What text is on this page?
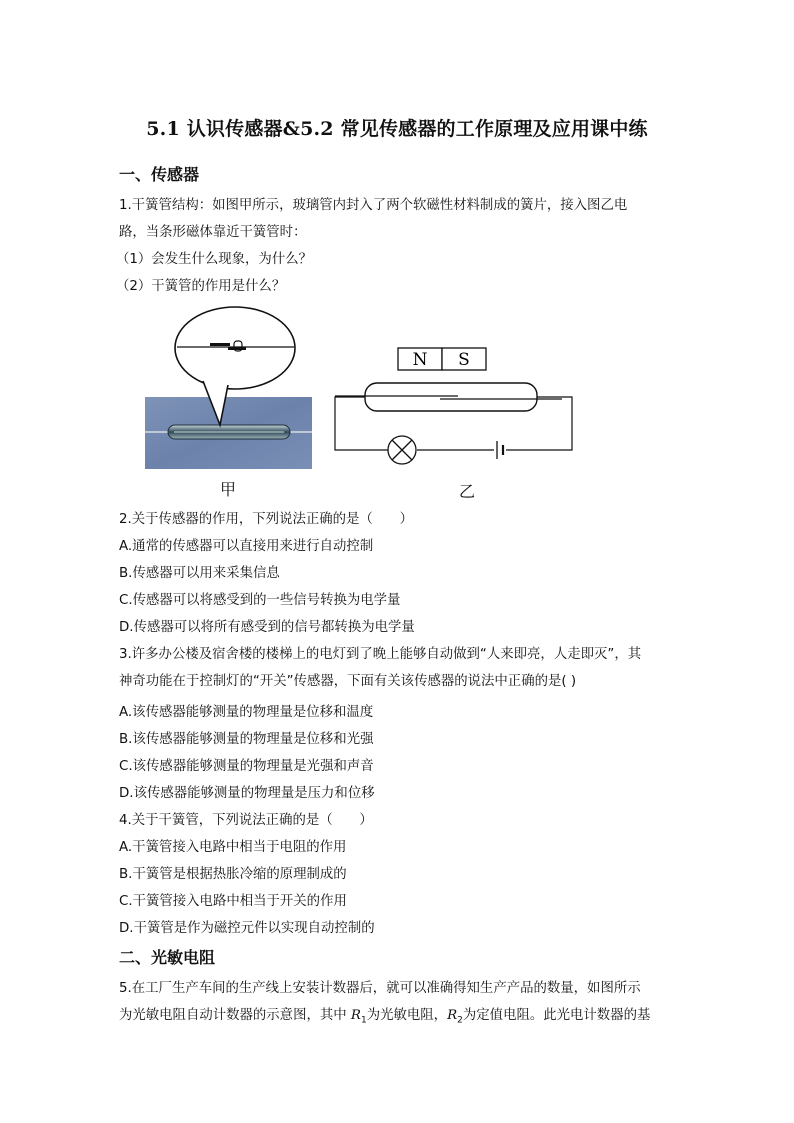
5.1 认识传感器&5.2 常见传感器的工作原理及应用课中练
一、传感器
1.干簧管结构：如图甲所示，玻璃管内封入了两个软磁性材料制成的簧片，接入图乙电
路，当条形磁体靠近干簧管时：
（1）会发生什么现象，为什么？
（2）干簧管的作用是什么？
N S
甲	乙
2.关于传感器的作用，下列说法正确的是（　　）
A.通常的传感器可以直接用来进行自动控制
B.传感器可以用来采集信息
C.传感器可以将感受到的一些信号转换为电学量
D.传感器可以将所有感受到的信号都转换为电学量
3.许多办公楼及宿舍楼的楼梯上的电灯到了晚上能够自动做到“人来即亮，人走即灭”，其
神奇功能在于控制灯的“开关”传感器，下面有关该传感器的说法中正确的是( )
A.该传感器能够测量的物理量是位移和温度
B.该传感器能够测量的物理量是位移和光强
C.该传感器能够测量的物理量是光强和声音
D.该传感器能够测量的物理量是压力和位移
4.关于干簧管，下列说法正确的是（　　）
A.干簧管接入电路中相当于电阻的作用
B.干簧管是根据热胀冷缩的原理制成的
C.干簧管接入电路中相当于开关的作用
D.干簧管是作为磁控元件以实现自动控制的
二、光敏电阻
5.在工厂生产车间的生产线上安装计数器后，就可以准确得知生产产品的数量，如图所示
为光敏电阻自动计数器的示意图，其中 $R_1$为光敏电阻，$R_2$为定值电阻。此光电计数器的基
